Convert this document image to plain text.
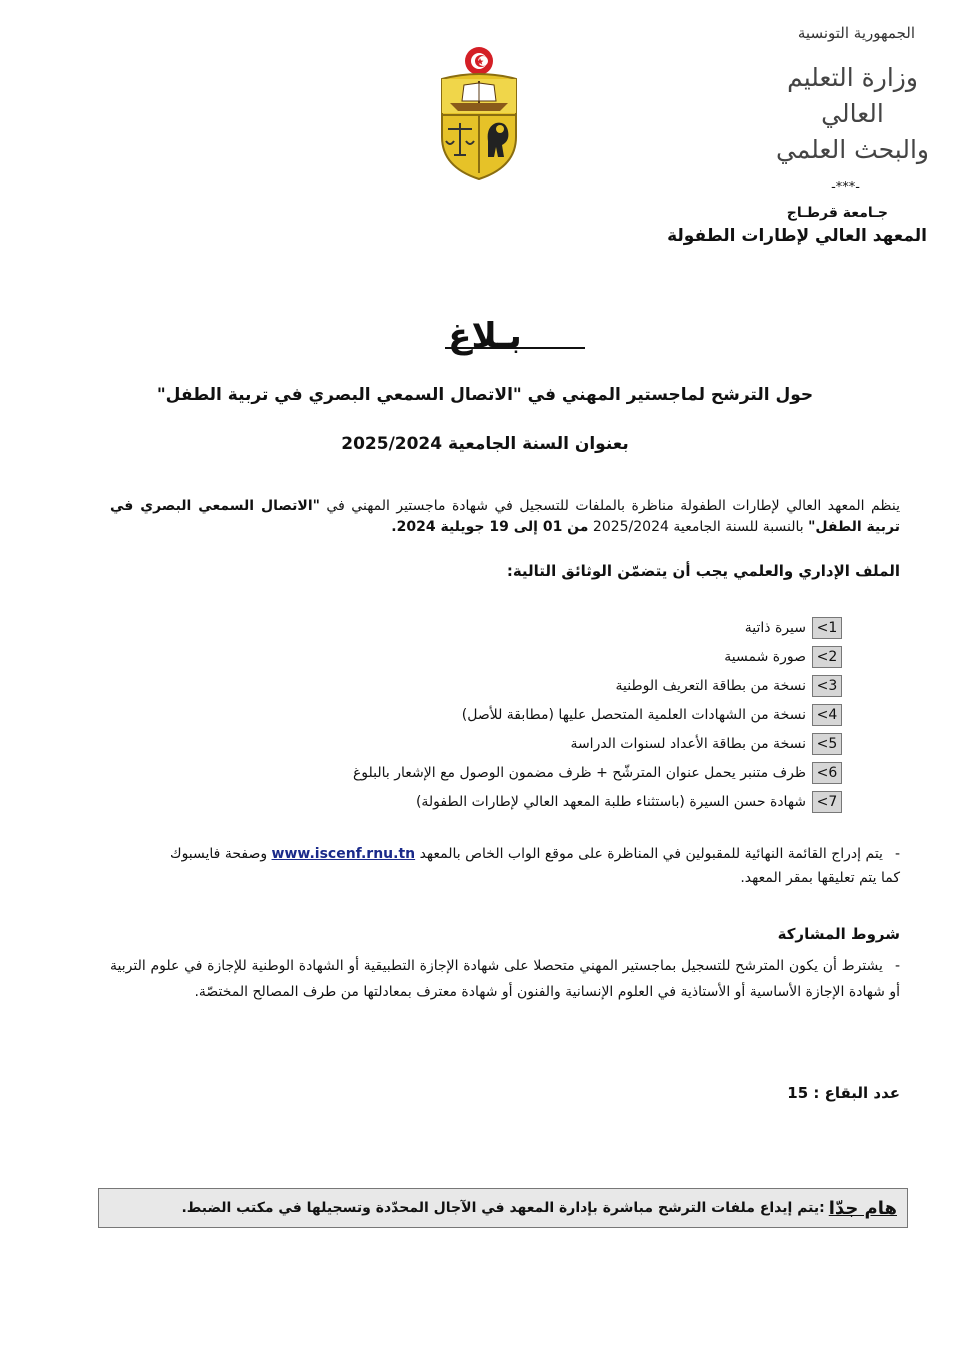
الجمهورية التونسية
وزارة التعليم العالي
والبحث العلمي
-***-
جـامعة قرطـاج
المعهد العالي لإطارات الطفولة
بـلاغ
حول الترشح لماجستير المهني في "الاتصال السمعي البصري في تربية الطفل"
بعنوان السنة الجامعية 2025/2024
ينظم المعهد العالي لإطارات الطفولة مناظرة بالملفات للتسجيل في شهادة ماجستير المهني في "الاتصال السمعي البصري في تربية الطفل" بالنسبة للسنة الجامعية 2025/2024 من 01 إلى 19 جويلية 2024.
الملف الإداري والعلمي يجب أن يتضمّن الوثائق التالية:
< 1
سيرة ذاتية
< 2
صورة شمسية
< 3
نسخة من بطاقة التعريف الوطنية
< 4
نسخة من الشهادات العلمية المتحصل عليها (مطابقة للأصل)
< 5
نسخة من بطاقة الأعداد لسنوات الدراسة
< 6
ظرف متنبر يحمل عنوان المترشّح + ظرف مضمون الوصول مع الإشعار بالبلوغ
< 7
شهادة حسن السيرة (باستثناء طلبة المعهد العالي لإطارات الطفولة)
-يتم إدراج القائمة النهائية للمقبولين في المناظرة على موقع الواب الخاص بالمعهد www.iscenf.rnu.tn وصفحة فايسبوك كما يتم تعليقها بمقر المعهد.
شروط المشاركة
-يشترط أن يكون المترشح للتسجيل بماجستير المهني متحصلا على شهادة الإجازة التطبيقية أو الشهادة الوطنية للإجازة في علوم التربية أو شهادة الإجازة الأساسية أو الأستاذية في العلوم الإنسانية والفنون أو شهادة معترف بمعادلتها من طرف المصالح المختصّة.
عدد البقاع : 15
هام جدّا
:يتم إيداع ملفات الترشح مباشرة بإدارة المعهد في الآجال المحدّدة وتسجيلها في مكتب الضبط.
